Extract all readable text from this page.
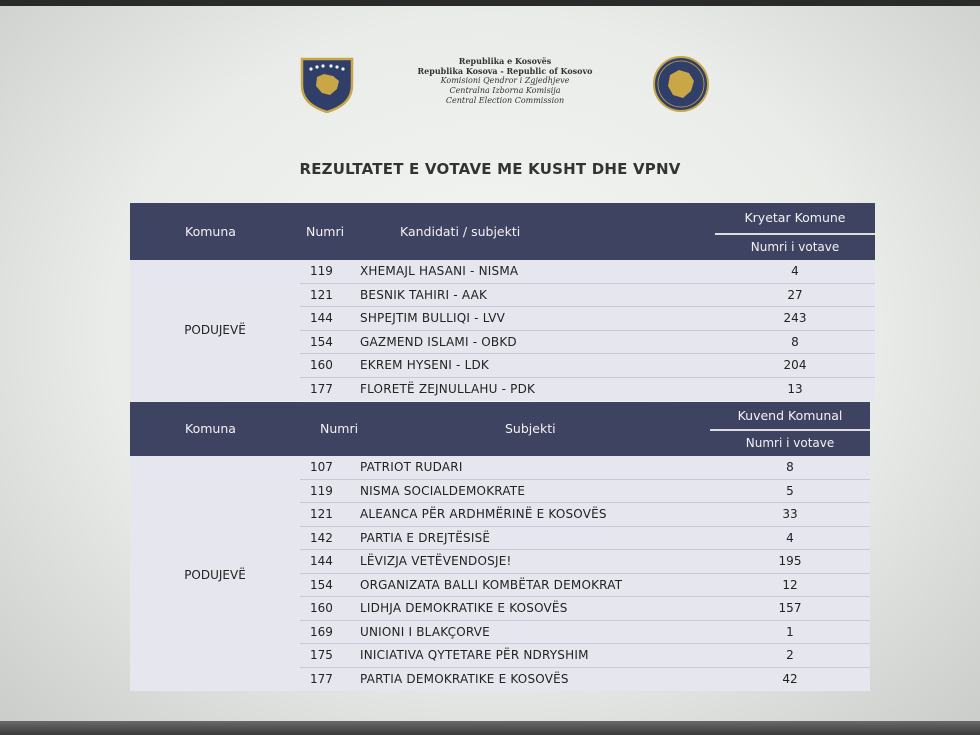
Republika e Kosovës
Republika Kosova - Republic of Kosovo
Komisioni Qendror i Zgjedhjeve
Centralna Izborna Komisija
Central Election Commission
REZULTATET E VOTAVE ME KUSHT DHE VPNV
Komuna	Numri	Kandidati / subjekti
Kryetar Komune
Numri i votave
PODUJEVË
119 XHEMAJL HASANI - NISMA	4
121 BESNIK TAHIRI - AAK	27
144 SHPEJTIM BULLIQI - LVV	243
154 GAZMEND ISLAMI - OBKD	8
160 EKREM HYSENI - LDK	204
177 FLORETË ZEJNULLAHU - PDK	13
Komuna	Numri	Subjekti
Kuvend Komunal
Numri i votave
PODUJEVË
107 PATRIOT RUDARI	8
119 NISMA SOCIALDEMOKRATE	5
121 ALEANCA PËR ARDHMËRINË E KOSOVËS	33
142 PARTIA E DREJTËSISË	4
144 LËVIZJA VETËVENDOSJE!	195
154 ORGANIZATA BALLI KOMBËTAR DEMOKRAT	12
160 LIDHJA DEMOKRATIKE E KOSOVËS	157
169 UNIONI I BLAKÇORVE	1
175 INICIATIVA QYTETARE PËR NDRYSHIM	2
177 PARTIA DEMOKRATIKE E KOSOVËS	42
